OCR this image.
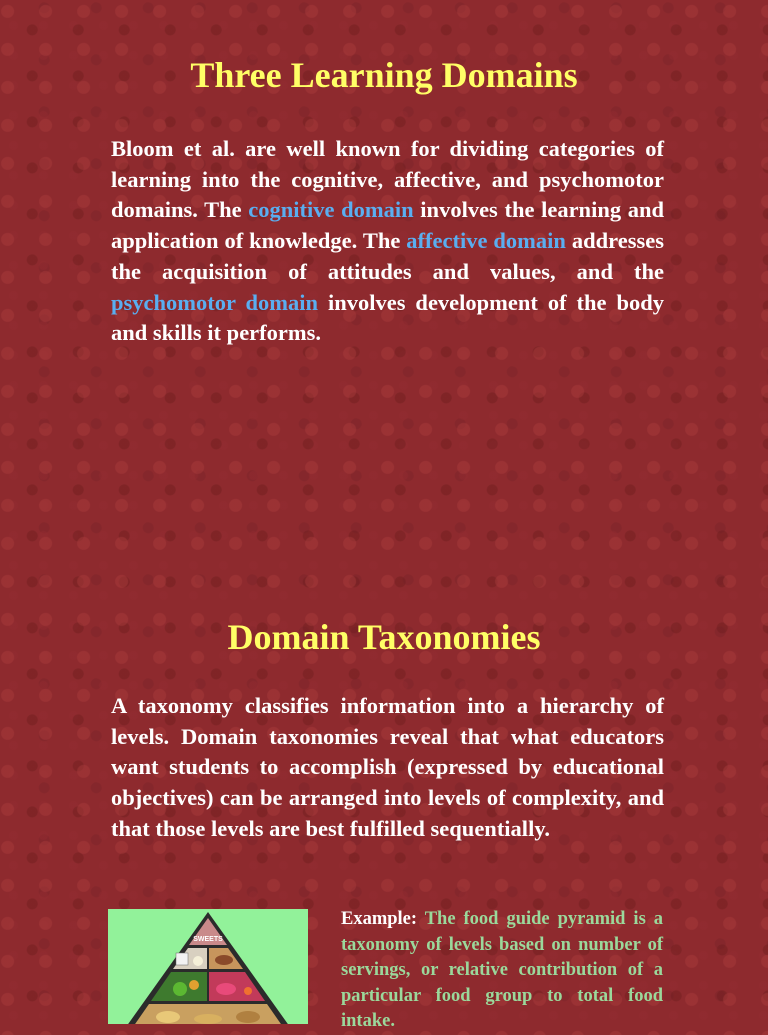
Three Learning Domains

Bloom et al. are well known for dividing categories of learning into the cognitive, affective, and psychomotor domains. The cognitive domain involves the learning and application of knowledge. The affective domain addresses the acquisition of attitudes and values, and the psychomotor domain involves development of the body and skills it performs.

Domain Taxonomies

A taxonomy classifies information into a hierarchy of levels. Domain taxonomies reveal that what educators want students to accomplish (expressed by educational objectives) can be arranged into levels of complexity, and that those levels are best fulfilled sequentially.

SWEETS

Example: The food guide pyramid is a taxonomy of levels based on number of servings, or relative contribution of a particular food group to total food intake.
